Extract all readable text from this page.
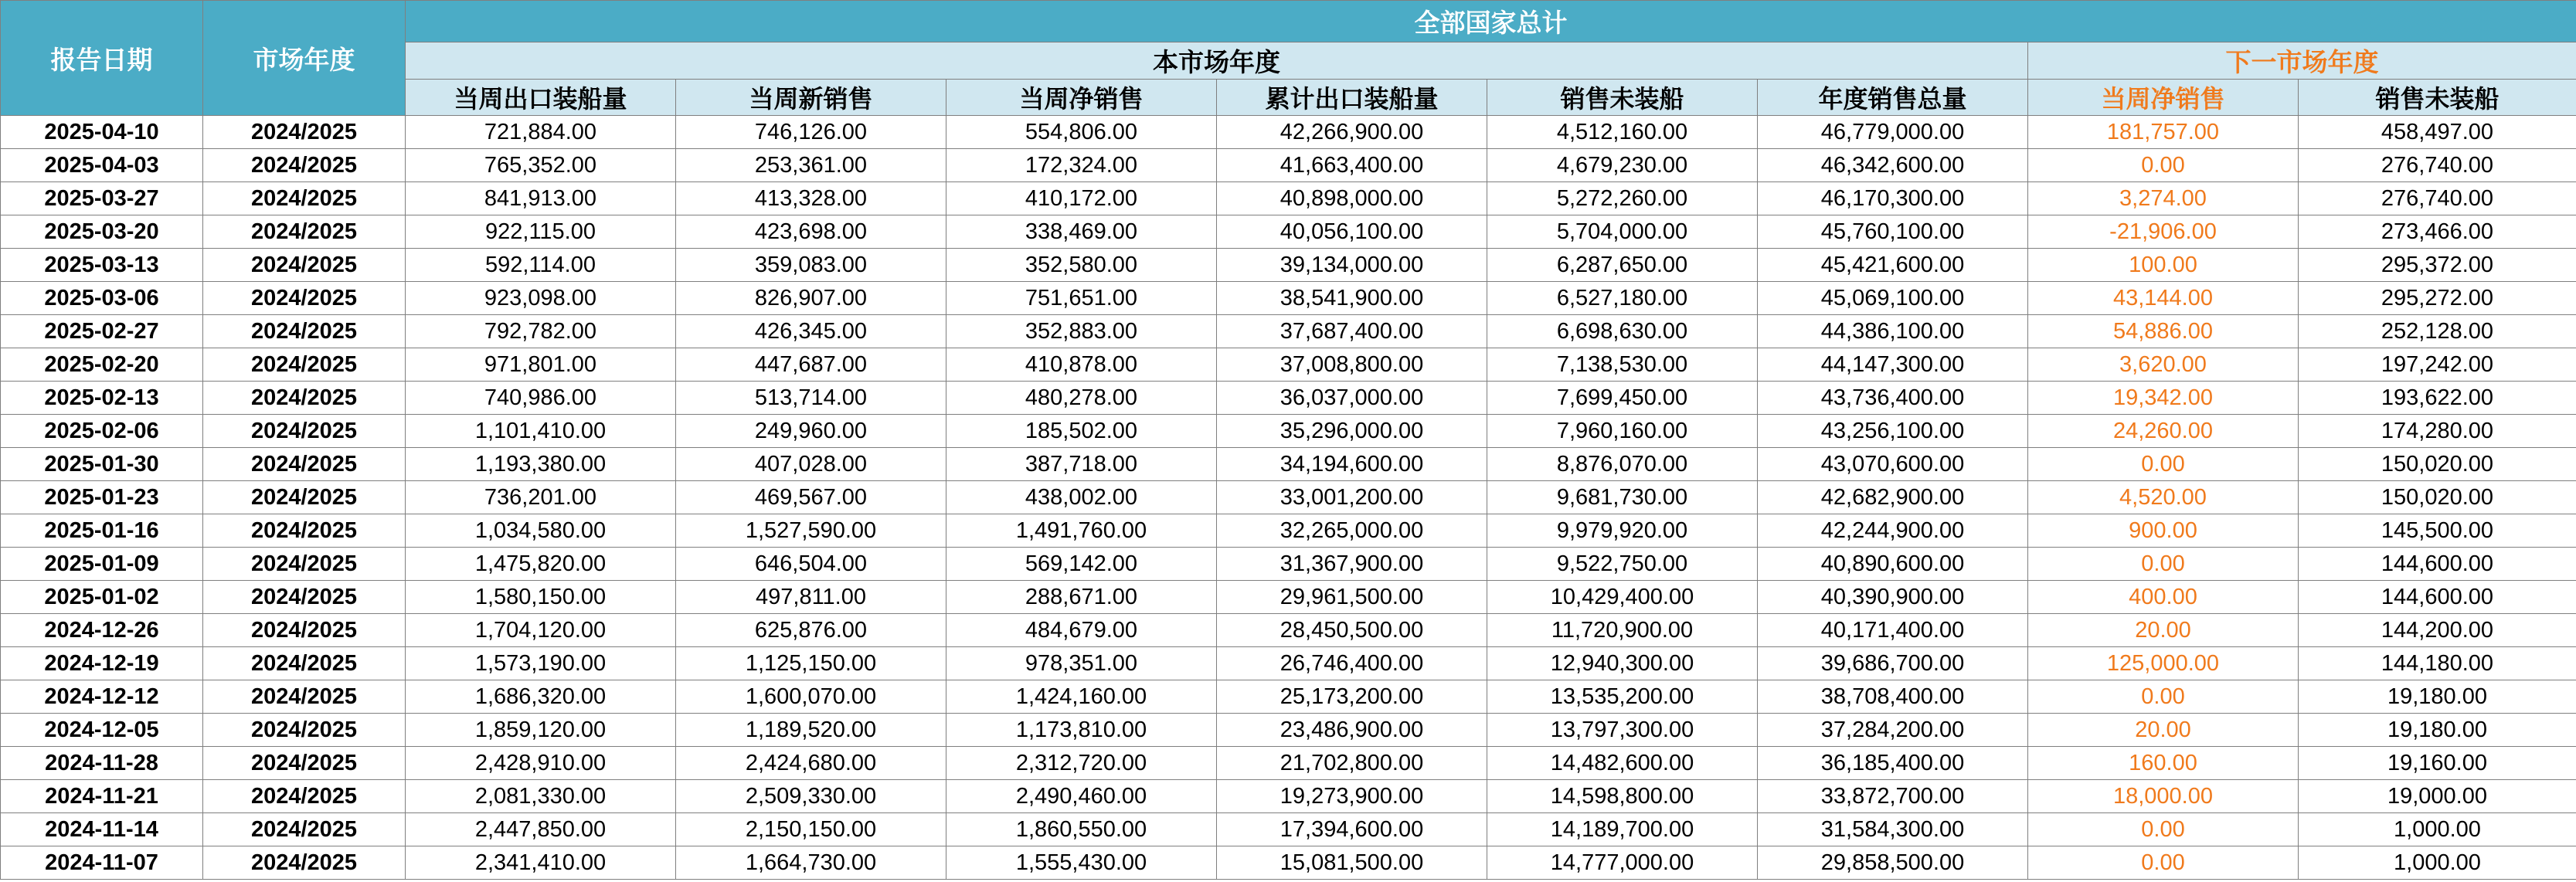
报告日期	市场年度	全部国家总计							
		本市场年度						下一市场年度	
		当周出口装船量	当周新销售	当周净销售	累计出口装船量	销售未装船	年度销售总量	当周净销售	销售未装船
2025-04-10	2024/2025	721,884.00	746,126.00	554,806.00	42,266,900.00	4,512,160.00	46,779,000.00	181,757.00	458,497.00
2025-04-03	2024/2025	765,352.00	253,361.00	172,324.00	41,663,400.00	4,679,230.00	46,342,600.00	0.00	276,740.00
2025-03-27	2024/2025	841,913.00	413,328.00	410,172.00	40,898,000.00	5,272,260.00	46,170,300.00	3,274.00	276,740.00
2025-03-20	2024/2025	922,115.00	423,698.00	338,469.00	40,056,100.00	5,704,000.00	45,760,100.00	-21,906.00	273,466.00
2025-03-13	2024/2025	592,114.00	359,083.00	352,580.00	39,134,000.00	6,287,650.00	45,421,600.00	100.00	295,372.00
2025-03-06	2024/2025	923,098.00	826,907.00	751,651.00	38,541,900.00	6,527,180.00	45,069,100.00	43,144.00	295,272.00
2025-02-27	2024/2025	792,782.00	426,345.00	352,883.00	37,687,400.00	6,698,630.00	44,386,100.00	54,886.00	252,128.00
2025-02-20	2024/2025	971,801.00	447,687.00	410,878.00	37,008,800.00	7,138,530.00	44,147,300.00	3,620.00	197,242.00
2025-02-13	2024/2025	740,986.00	513,714.00	480,278.00	36,037,000.00	7,699,450.00	43,736,400.00	19,342.00	193,622.00
2025-02-06	2024/2025	1,101,410.00	249,960.00	185,502.00	35,296,000.00	7,960,160.00	43,256,100.00	24,260.00	174,280.00
2025-01-30	2024/2025	1,193,380.00	407,028.00	387,718.00	34,194,600.00	8,876,070.00	43,070,600.00	0.00	150,020.00
2025-01-23	2024/2025	736,201.00	469,567.00	438,002.00	33,001,200.00	9,681,730.00	42,682,900.00	4,520.00	150,020.00
2025-01-16	2024/2025	1,034,580.00	1,527,590.00	1,491,760.00	32,265,000.00	9,979,920.00	42,244,900.00	900.00	145,500.00
2025-01-09	2024/2025	1,475,820.00	646,504.00	569,142.00	31,367,900.00	9,522,750.00	40,890,600.00	0.00	144,600.00
2025-01-02	2024/2025	1,580,150.00	497,811.00	288,671.00	29,961,500.00	10,429,400.00	40,390,900.00	400.00	144,600.00
2024-12-26	2024/2025	1,704,120.00	625,876.00	484,679.00	28,450,500.00	11,720,900.00	40,171,400.00	20.00	144,200.00
2024-12-19	2024/2025	1,573,190.00	1,125,150.00	978,351.00	26,746,400.00	12,940,300.00	39,686,700.00	125,000.00	144,180.00
2024-12-12	2024/2025	1,686,320.00	1,600,070.00	1,424,160.00	25,173,200.00	13,535,200.00	38,708,400.00	0.00	19,180.00
2024-12-05	2024/2025	1,859,120.00	1,189,520.00	1,173,810.00	23,486,900.00	13,797,300.00	37,284,200.00	20.00	19,180.00
2024-11-28	2024/2025	2,428,910.00	2,424,680.00	2,312,720.00	21,702,800.00	14,482,600.00	36,185,400.00	160.00	19,160.00
2024-11-21	2024/2025	2,081,330.00	2,509,330.00	2,490,460.00	19,273,900.00	14,598,800.00	33,872,700.00	18,000.00	19,000.00
2024-11-14	2024/2025	2,447,850.00	2,150,150.00	1,860,550.00	17,394,600.00	14,189,700.00	31,584,300.00	0.00	1,000.00
2024-11-07	2024/2025	2,341,410.00	1,664,730.00	1,555,430.00	15,081,500.00	14,777,000.00	29,858,500.00	0.00	1,000.00
